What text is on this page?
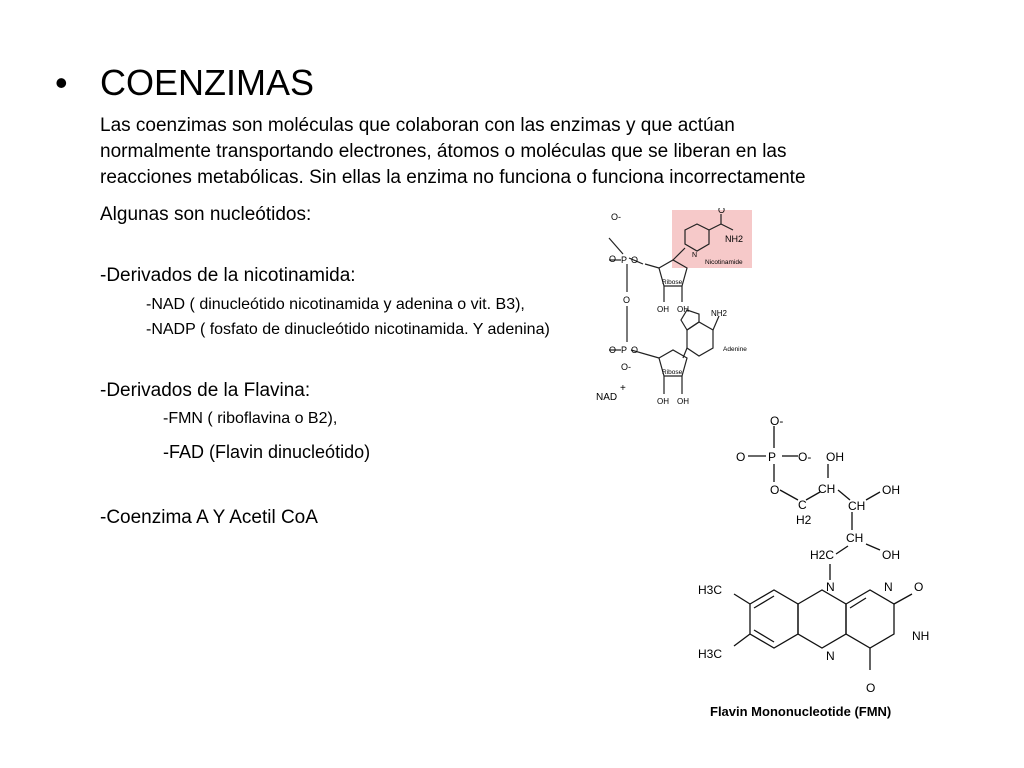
• COENZIMAS
Las coenzimas son moléculas que colaboran con las enzimas y que actúan
normalmente transportando electrones, átomos o moléculas que se liberan en las
reacciones metabólicas. Sin ellas la enzima no funciona o funciona incorrectamente
Algunas son nucleótidos:
-Derivados de la nicotinamida:
-NAD ( dinucleótido nicotinamida y adenina o vit. B3),
-NADP ( fosfato de dinucleótido nicotinamida. Y adenina)
-Derivados de la Flavina:
-FMN ( riboflavina o B2),
-FAD (Flavin dinucleótido)
-Coenzima A Y Acetil CoA
O-
O P O
O
O P O
O-
N
Nicotinamide
NH2
O
Ribose
OH OH	NH2
Adenine
Ribose
OH OH
NAD
+
O-
O P O-
O
C
H2
CH
OH
CH
OH
CH
OH
H2C
N	N O
NH
N
O
H3C
H3C
Flavin Mononucleotide (FMN)
